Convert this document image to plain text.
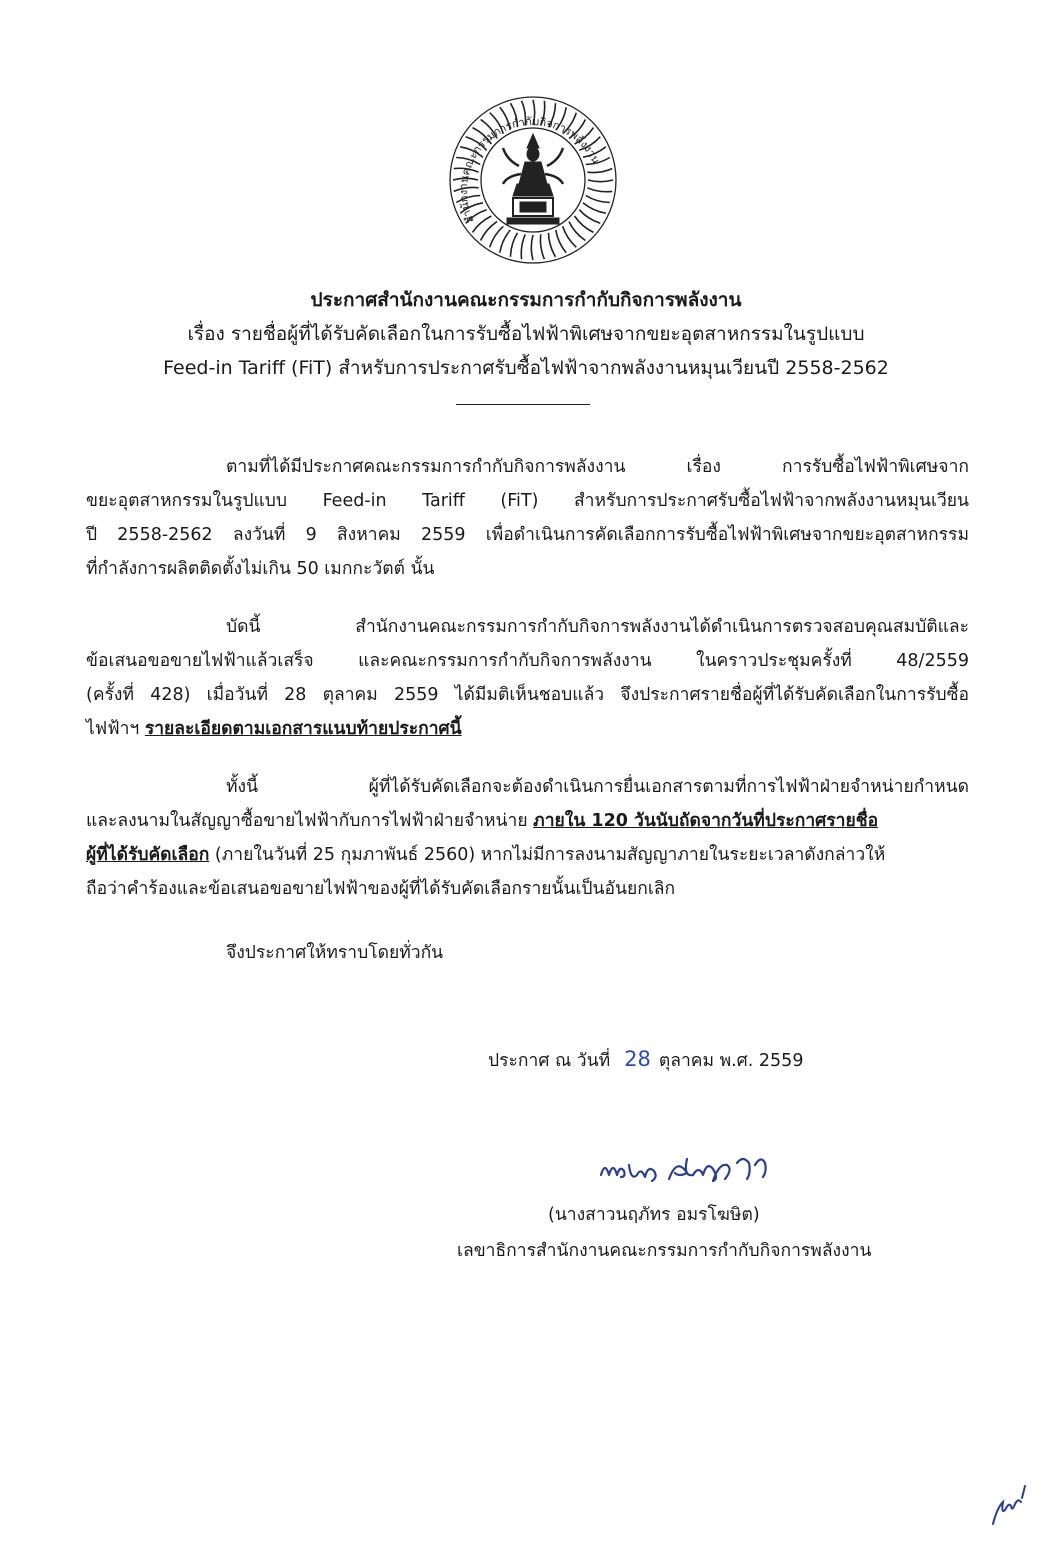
สำนักงานคณะกรรมการกำกับกิจการพลังงาน
ประกาศสำนักงานคณะกรรมการกำกับกิจการพลังงาน
เรื่อง รายชื่อผู้ที่ได้รับคัดเลือกในการรับซื้อไฟฟ้าพิเศษจากขยะอุตสาหกรรมในรูปแบบ
Feed-in Tariff (FiT) สำหรับการประกาศรับซื้อไฟฟ้าจากพลังงานหมุนเวียนปี 2558-2562
ตามที่ได้มีประกาศคณะกรรมการกำกับกิจการพลังงาน เรื่อง การรับซื้อไฟฟ้าพิเศษจาก
ขยะอุตสาหกรรมในรูปแบบ Feed-in Tariff (FiT) สำหรับการประกาศรับซื้อไฟฟ้าจากพลังงานหมุนเวียน
ปี 2558-2562 ลงวันที่ 9 สิงหาคม 2559 เพื่อดำเนินการคัดเลือกการรับซื้อไฟฟ้าพิเศษจากขยะอุตสาหกรรม
ที่กำลังการผลิตติดตั้งไม่เกิน 50 เมกกะวัตต์ นั้น
บัดนี้ สำนักงานคณะกรรมการกำกับกิจการพลังงานได้ดำเนินการตรวจสอบคุณสมบัติและ
ข้อเสนอขอขายไฟฟ้าแล้วเสร็จ และคณะกรรมการกำกับกิจการพลังงาน ในคราวประชุมครั้งที่ 48/2559
(ครั้งที่ 428) เมื่อวันที่ 28 ตุลาคม 2559 ได้มีมติเห็นชอบแล้ว จึงประกาศรายชื่อผู้ที่ได้รับคัดเลือกในการรับซื้อ
ไฟฟ้าฯ รายละเอียดตามเอกสารแนบท้ายประกาศนี้
ทั้งนี้ ผู้ที่ได้รับคัดเลือกจะต้องดำเนินการยื่นเอกสารตามที่การไฟฟ้าฝ่ายจำหน่ายกำหนด
และลงนามในสัญญาซื้อขายไฟฟ้ากับการไฟฟ้าฝ่ายจำหน่าย ภายใน 120 วันนับถัดจากวันที่ประกาศรายชื่อ
ผู้ที่ได้รับคัดเลือก (ภายในวันที่ 25 กุมภาพันธ์ 2560) หากไม่มีการลงนามสัญญาภายในระยะเวลาดังกล่าวให้
ถือว่าคำร้องและข้อเสนอขอขายไฟฟ้าของผู้ที่ได้รับคัดเลือกรายนั้นเป็นอันยกเลิก
จึงประกาศให้ทราบโดยทั่วกัน
ประกาศ ณ วันที่ 28 ตุลาคม พ.ศ. 2559
(นางสาวนฤภัทร อมรโฆษิต)
เลขาธิการสำนักงานคณะกรรมการกำกับกิจการพลังงาน
